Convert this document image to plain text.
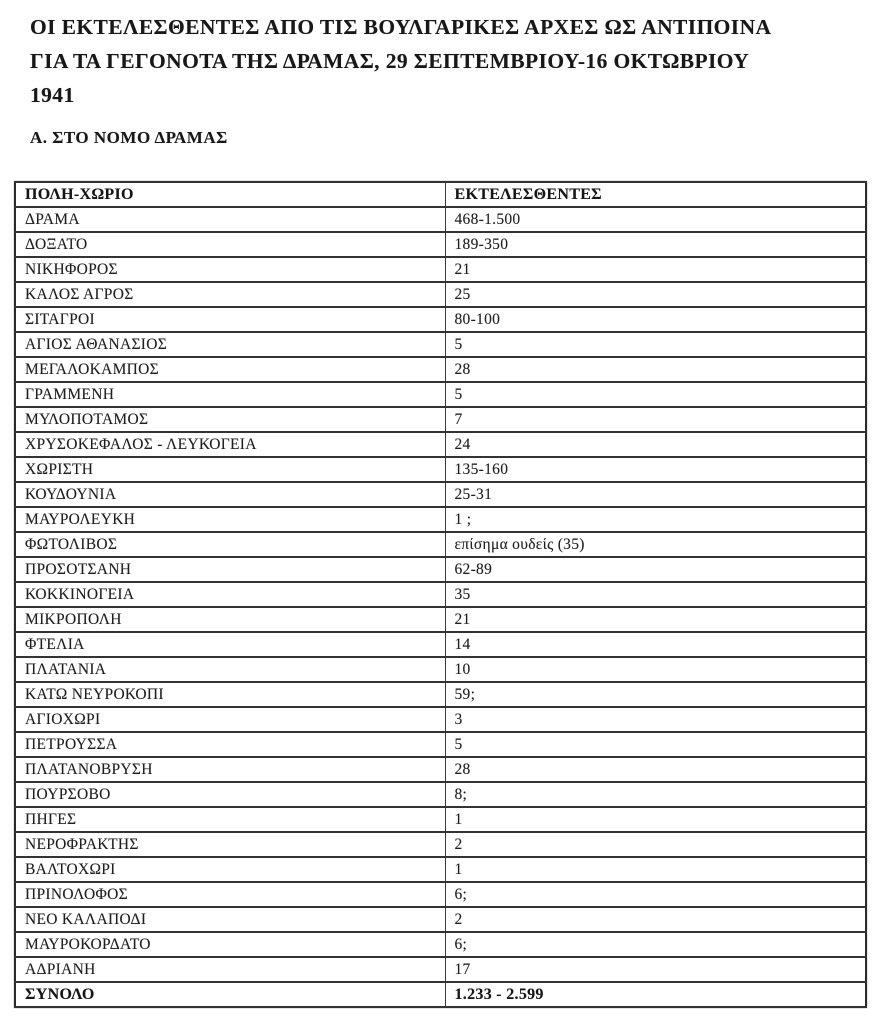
ΟΙ ΕΚΤΕΛΕΣΘΕΝΤΕΣ ΑΠΟ ΤΙΣ ΒΟΥΛΓΑΡΙΚΕΣ ΑΡΧΕΣ ΩΣ ΑΝΤΙΠΟΙΝΑ
ΓΙΑ ΤΑ ΓΕΓΟΝΟΤΑ ΤΗΣ ΔΡΑΜΑΣ, 29 ΣΕΠΤΕΜΒΡΙΟΥ-16 ΟΚΤΩΒΡΙΟΥ
1941
Α. ΣΤΟ ΝΟΜΟ ΔΡΑΜΑΣ
ΠΟΛΗ-ΧΩΡΙΟ	ΕΚΤΕΛΕΣΘΕΝΤΕΣ
ΔΡΑΜΑ	468-1.500
ΔΟΞΑΤΟ	189-350
ΝΙΚΗΦΟΡΟΣ	21
ΚΑΛΟΣ ΑΓΡΟΣ	25
ΣΙΤΑΓΡΟΙ	80-100
ΑΓΙΟΣ ΑΘΑΝΑΣΙΟΣ	5
ΜΕΓΑΛΟΚΑΜΠΟΣ	28
ΓΡΑΜΜΕΝΗ	5
ΜΥΛΟΠΟΤΑΜΟΣ	7
ΧΡΥΣΟΚΕΦΑΛΟΣ - ΛΕΥΚΟΓΕΙΑ	24
ΧΩΡΙΣΤΗ	135-160
ΚΟΥΔΟΥΝΙΑ	25-31
ΜΑΥΡΟΛΕΥΚΗ	1 ;
ΦΩΤΟΛΙΒΟΣ	επίσημα ουδείς (35)
ΠΡΟΣΟΤΣΑΝΗ	62-89
ΚΟΚΚΙΝΟΓΕΙΑ	35
ΜΙΚΡΟΠΟΛΗ	21
ΦΤΕΛΙΑ	14
ΠΛΑΤΑΝΙΑ	10
ΚΑΤΩ ΝΕΥΡΟΚΟΠΙ	59;
ΑΓΙΟΧΩΡΙ	3
ΠΕΤΡΟΥΣΣΑ	5
ΠΛΑΤΑΝΟΒΡΥΣΗ	28
ΠΟΥΡΣΟΒΟ	8;
ΠΗΓΕΣ	1
ΝΕΡΟΦΡΑΚΤΗΣ	2
ΒΑΛΤΟΧΩΡΙ	1
ΠΡΙΝΟΛΟΦΟΣ	6;
ΝΕΟ ΚΑΛΑΠΟΔΙ	2
ΜΑΥΡΟΚΟΡΔΑΤΟ	6;
ΑΔΡΙΑΝΗ	17
ΣΥΝΟΛΟ	1.233 - 2.599
